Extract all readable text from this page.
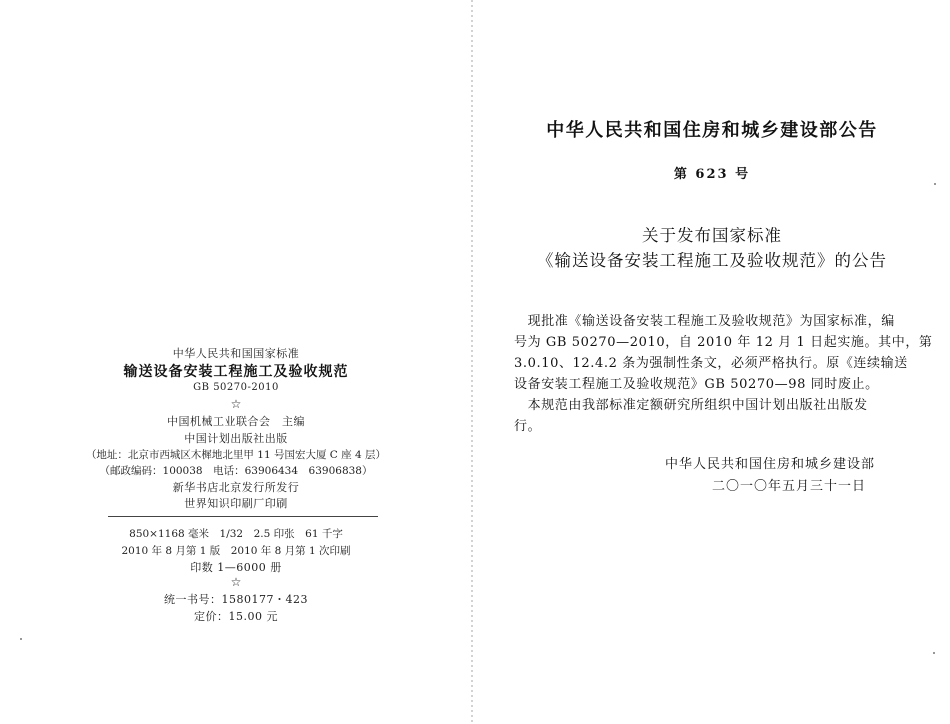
中华人民共和国国家标准
输送设备安装工程施工及验收规范
GB 50270-2010
☆
中国机械工业联合会　主编
中国计划出版社出版
（地址：北京市西城区木樨地北里甲 11 号国宏大厦 C 座 4 层）
（邮政编码：100038　电话：63906434　63906838）
新华书店北京发行所发行
世界知识印刷厂印刷
850×1168 毫米　1/32　2.5 印张　61 千字
2010 年 8 月第 1 版　2010 年 8 月第 1 次印刷
印数 1—6000 册
☆
统一书号：1580177・423
定价：15.00 元
中华人民共和国住房和城乡建设部公告
第 623 号
关于发布国家标准
《输送设备安装工程施工及验收规范》的公告
　现批准《输送设备安装工程施工及验收规范》为国家标准，编
号为 GB 50270—2010，自 2010 年 12 月 1 日起实施。其中，第
3.0.10、12.4.2 条为强制性条文，必须严格执行。原《连续输送
设备安装工程施工及验收规范》GB 50270—98 同时废止。
　本规范由我部标准定额研究所组织中国计划出版社出版发
行。
中华人民共和国住房和城乡建设部
二〇一〇年五月三十一日
